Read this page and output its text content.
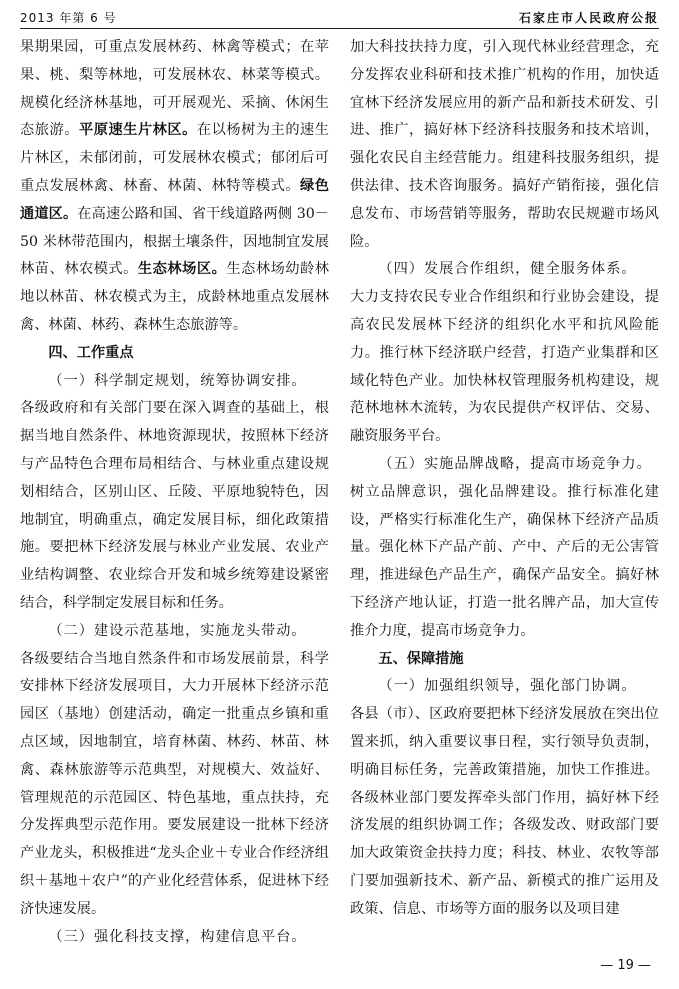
2013 年第 6 号	石家庄市人民政府公报

果期果园，可重点发展林药、林禽等模式；在苹果、桃、梨等林地，可发展林农、林菜等模式。规模化经济林基地，可开展观光、采摘、休闲生态旅游。平原速生片林区。在以杨树为主的速生片林区，未郁闭前，可发展林农模式；郁闭后可重点发展林禽、林畜、林菌、林特等模式。绿色通道区。在高速公路和国、省干线道路两侧 30－50 米林带范围内，根据土壤条件，因地制宜发展林苗、林农模式。生态林场区。生态林场幼龄林地以林苗、林农模式为主，成龄林地重点发展林禽、林菌、林药、森林生态旅游等。

四、工作重点

（一）科学制定规划，统筹协调安排。

各级政府和有关部门要在深入调查的基础上，根据当地自然条件、林地资源现状，按照林下经济与产品特色合理布局相结合、与林业重点建设规划相结合，区别山区、丘陵、平原地貌特色，因地制宜，明确重点，确定发展目标，细化政策措施。要把林下经济发展与林业产业发展、农业产业结构调整、农业综合开发和城乡统筹建设紧密结合，科学制定发展目标和任务。

（二）建设示范基地，实施龙头带动。

各级要结合当地自然条件和市场发展前景，科学安排林下经济发展项目，大力开展林下经济示范园区（基地）创建活动，确定一批重点乡镇和重点区域，因地制宜，培育林菌、林药、林苗、林禽、森林旅游等示范典型，对规模大、效益好、管理规范的示范园区、特色基地，重点扶持，充分发挥典型示范作用。要发展建设一批林下经济产业龙头，积极推进“龙头企业＋专业合作经济组织＋基地＋农户”的产业化经营体系，促进林下经济快速发展。

（三）强化科技支撑，构建信息平台。

加大科技扶持力度，引入现代林业经营理念，充分发挥农业科研和技术推广机构的作用，加快适宜林下经济发展应用的新产品和新技术研发、引进、推广，搞好林下经济科技服务和技术培训，强化农民自主经营能力。组建科技服务组织，提供法律、技术咨询服务。搞好产销衔接，强化信息发布、市场营销等服务，帮助农民规避市场风险。

（四）发展合作组织，健全服务体系。

大力支持农民专业合作组织和行业协会建设，提高农民发展林下经济的组织化水平和抗风险能力。推行林下经济联户经营，打造产业集群和区域化特色产业。加快林权管理服务机构建设，规范林地林木流转，为农民提供产权评估、交易、融资服务平台。

（五）实施品牌战略，提高市场竞争力。

树立品牌意识，强化品牌建设。推行标准化建设，严格实行标准化生产，确保林下经济产品质量。强化林下产品产前、产中、产后的无公害管理，推进绿色产品生产，确保产品安全。搞好林下经济产地认证，打造一批名牌产品，加大宣传推介力度，提高市场竞争力。

五、保障措施

（一）加强组织领导，强化部门协调。

各县（市）、区政府要把林下经济发展放在突出位置来抓，纳入重要议事日程，实行领导负责制，明确目标任务，完善政策措施，加快工作推进。各级林业部门要发挥牵头部门作用，搞好林下经济发展的组织协调工作；各级发改、财政部门要加大政策资金扶持力度；科技、林业、农牧等部门要加强新技术、新产品、新模式的推广运用及政策、信息、市场等方面的服务以及项目建

— 19 —
